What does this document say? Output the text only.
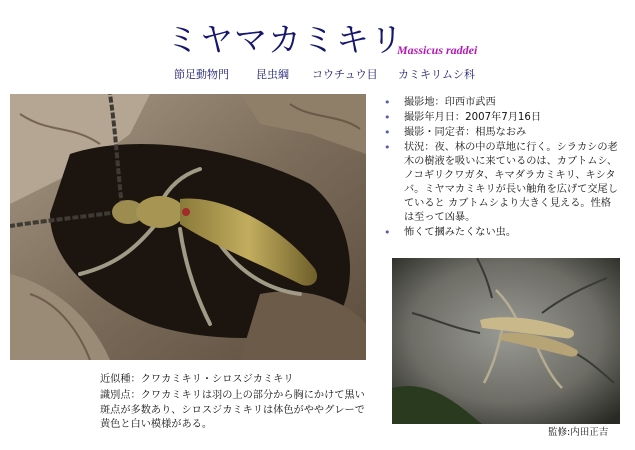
ミヤマカミキリ
Massicus raddei
節足動物門	昆虫綱	コウチュウ目	カミキリムシ科
• 撮影地：印西市武西
• 撮影年月日：2007年7月16日
• 撮影・同定者：相馬なおみ
• 状況：夜、林の中の草地に行く。シラカシの老木の樹液を吸いに来ているのは、カブトムシ、ノコギリクワガタ、キマダラカミキリ、キシタバ。ミヤマカミキリが長い触角を広げて交尾していると カブトムシより大きく見える。性格は至って凶暴。
• 怖くて摑みたくない虫。
近似種：クワカミキリ・シロスジカミキリ
識別点：クワカミキリは羽の上の部分から胸にかけて黒い斑点が多数あり、シロスジカミキリは体色がややグレーで黄色と白い模様がある。
監修:内田正吉
